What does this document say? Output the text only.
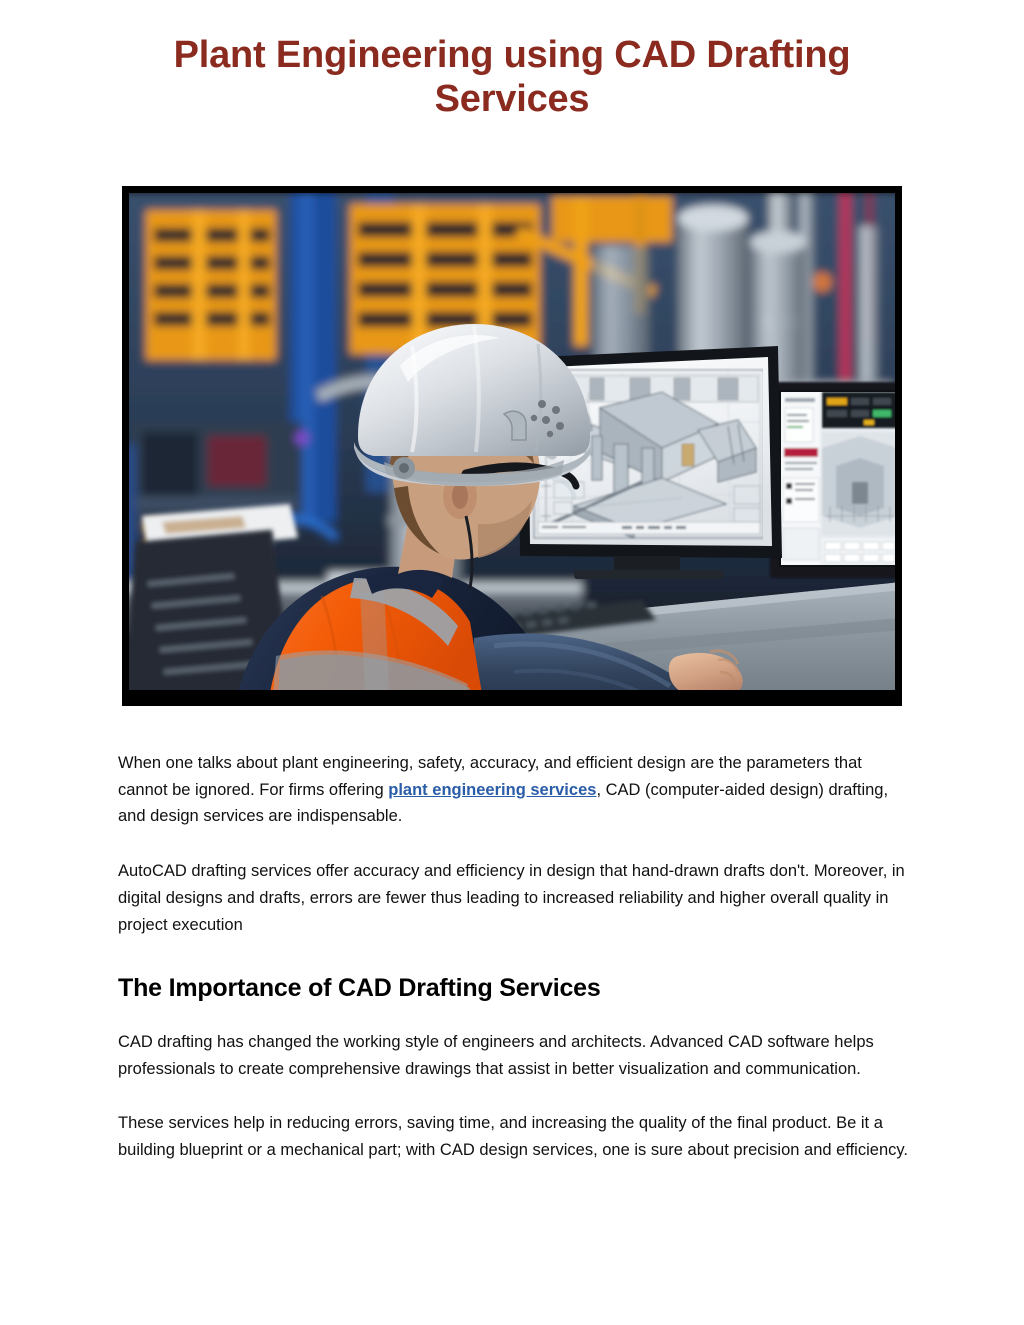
Plant Engineering using CAD Drafting Services

When one talks about plant engineering, safety, accuracy, and efficient design are the parameters that cannot be ignored. For firms offering plant engineering services, CAD (computer-aided design) drafting, and design services are indispensable.

AutoCAD drafting services offer accuracy and efficiency in design that hand-drawn drafts don't. Moreover, in digital designs and drafts, errors are fewer thus leading to increased reliability and higher overall quality in project execution

The Importance of CAD Drafting Services

CAD drafting has changed the working style of engineers and architects. Advanced CAD software helps professionals to create comprehensive drawings that assist in better visualization and communication.

These services help in reducing errors, saving time, and increasing the quality of the final product. Be it a building blueprint or a mechanical part; with CAD design services, one is sure about precision and efficiency.
